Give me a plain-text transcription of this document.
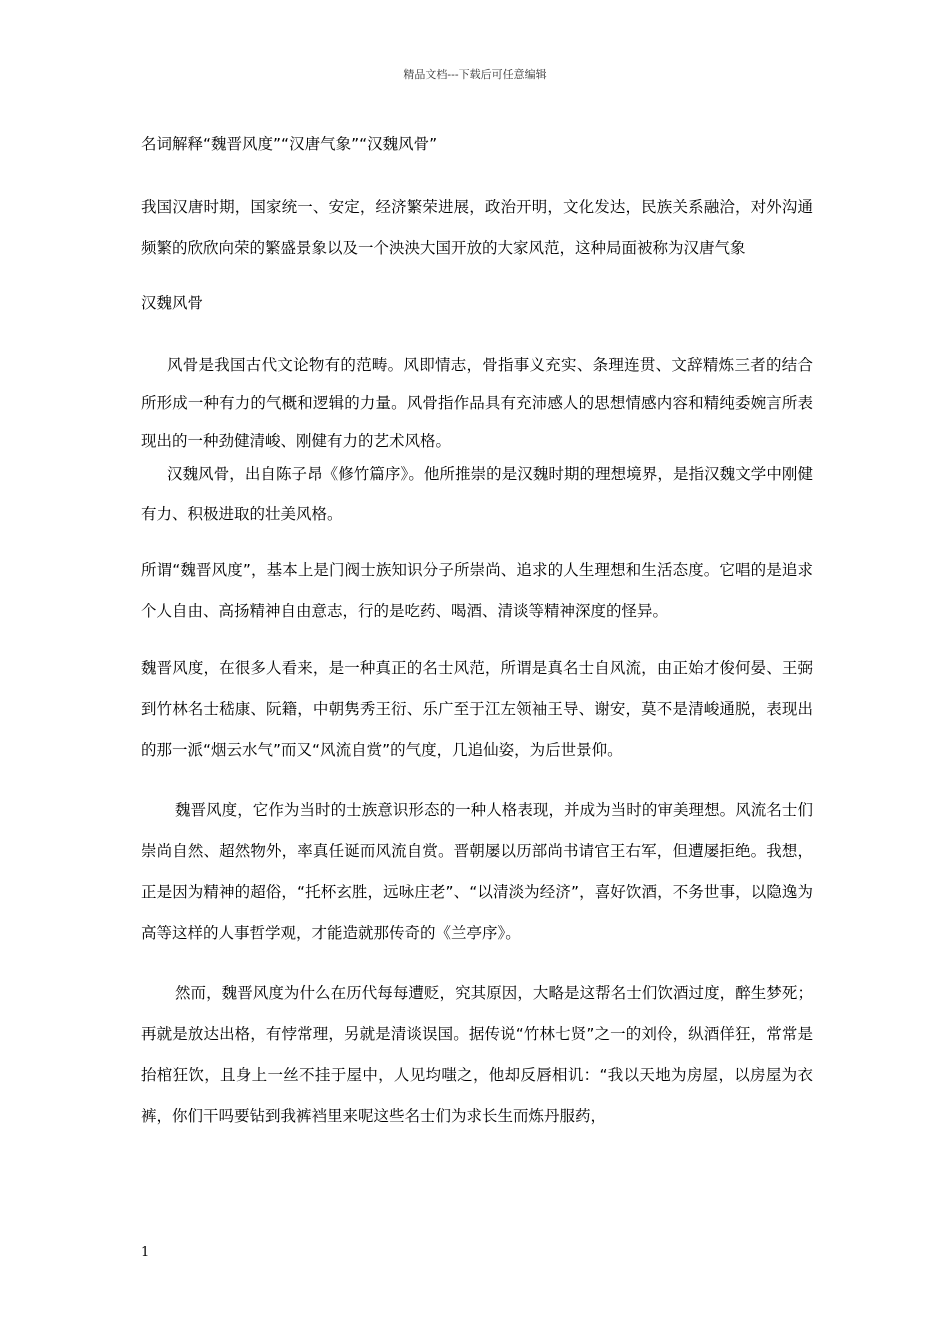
精品文档---下载后可任意编辑

名词解释“魏晋风度”“汉唐气象”“汉魏风骨”

我国汉唐时期，国家统一、安定，经济繁荣进展，政治开明，文化发达，民族关系融洽，对外沟通频繁的欣欣向荣的繁盛景象以及一个泱泱大国开放的大家风范，这种局面被称为汉唐气象

汉魏风骨

风骨是我国古代文论物有的范畴。风即情志，骨指事义充实、条理连贯、文辞精炼三者的结合所形成一种有力的气概和逻辑的力量。风骨指作品具有充沛感人的思想情感内容和精纯委婉言所表现出的一种劲健清峻、刚健有力的艺术风格。

汉魏风骨，出自陈子昂《修竹篇序》。他所推崇的是汉魏时期的理想境界，是指汉魏文学中刚健有力、积极进取的壮美风格。

所谓“魏晋风度”，基本上是门阀士族知识分子所崇尚、追求的人生理想和生活态度。它唱的是追求个人自由、高扬精神自由意志，行的是吃药、喝酒、清谈等精神深度的怪异。

魏晋风度，在很多人看来，是一种真正的名士风范，所谓是真名士自风流，由正始才俊何晏、王弼到竹林名士嵇康、阮籍，中朝隽秀王衍、乐广至于江左领袖王导、谢安，莫不是清峻通脱，表现出的那一派“烟云水气”而又“风流自赏”的气度，几追仙姿，为后世景仰。

魏晋风度，它作为当时的士族意识形态的一种人格表现，并成为当时的审美理想。风流名士们崇尚自然、超然物外，率真任诞而风流自赏。晋朝屡以历部尚书请官王右军，但遭屡拒绝。我想，正是因为精神的超俗，“托杯玄胜，远咏庄老”、“以清淡为经济”，喜好饮酒，不务世事，以隐逸为高等这样的人事哲学观，才能造就那传奇的《兰亭序》。

然而，魏晋风度为什么在历代每每遭贬，究其原因，大略是这帮名士们饮酒过度，醉生梦死；再就是放达出格，有悖常理，另就是清谈误国。据传说“竹林七贤”之一的刘伶，纵酒佯狂，常常是抬棺狂饮，且身上一丝不挂于屋中，人见均嗤之，他却反唇相讥：“我以天地为房屋，以房屋为衣裤，你们干吗要钻到我裤裆里来呢这些名士们为求长生而炼丹服药，

1
